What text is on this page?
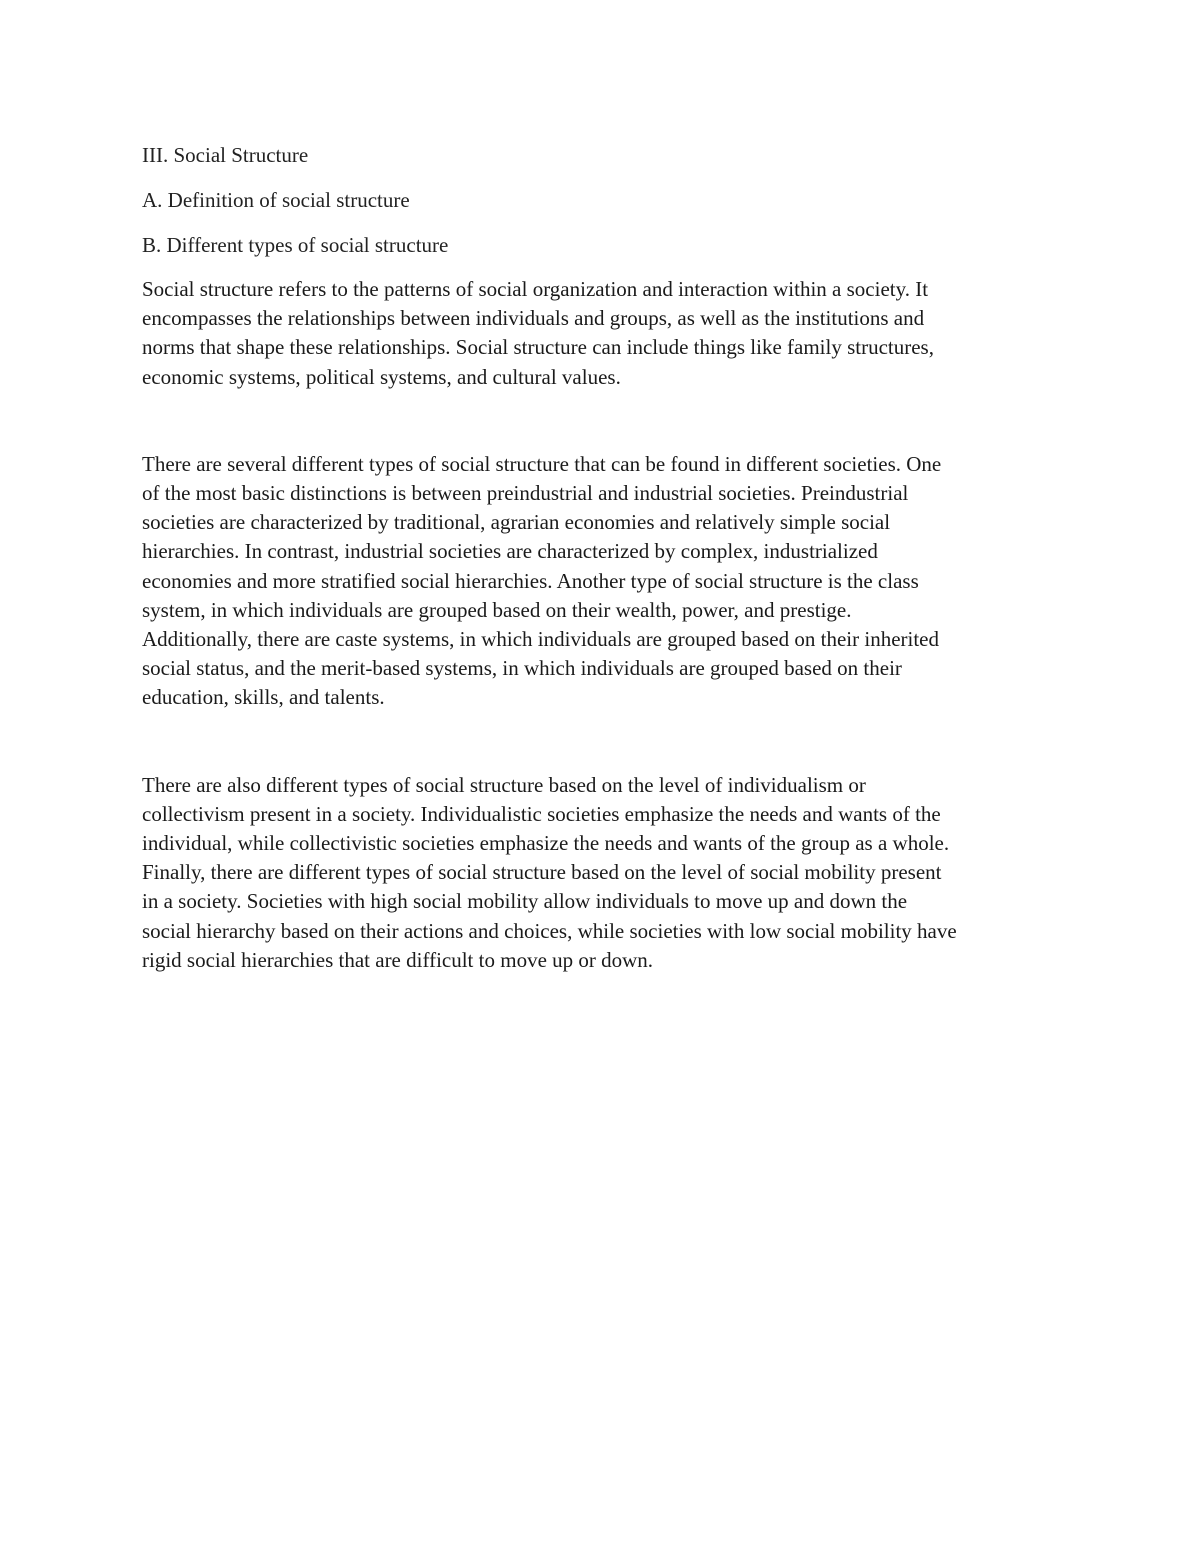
III. Social Structure
A. Definition of social structure
B. Different types of social structure
Social structure refers to the patterns of social organization and interaction within a society. It
encompasses the relationships between individuals and groups, as well as the institutions and
norms that shape these relationships. Social structure can include things like family structures,
economic systems, political systems, and cultural values.
There are several different types of social structure that can be found in different societies. One
of the most basic distinctions is between preindustrial and industrial societies. Preindustrial
societies are characterized by traditional, agrarian economies and relatively simple social
hierarchies. In contrast, industrial societies are characterized by complex, industrialized
economies and more stratified social hierarchies. Another type of social structure is the class
system, in which individuals are grouped based on their wealth, power, and prestige.
Additionally, there are caste systems, in which individuals are grouped based on their inherited
social status, and the merit-based systems, in which individuals are grouped based on their
education, skills, and talents.
There are also different types of social structure based on the level of individualism or
collectivism present in a society. Individualistic societies emphasize the needs and wants of the
individual, while collectivistic societies emphasize the needs and wants of the group as a whole.
Finally, there are different types of social structure based on the level of social mobility present
in a society. Societies with high social mobility allow individuals to move up and down the
social hierarchy based on their actions and choices, while societies with low social mobility have
rigid social hierarchies that are difficult to move up or down.
